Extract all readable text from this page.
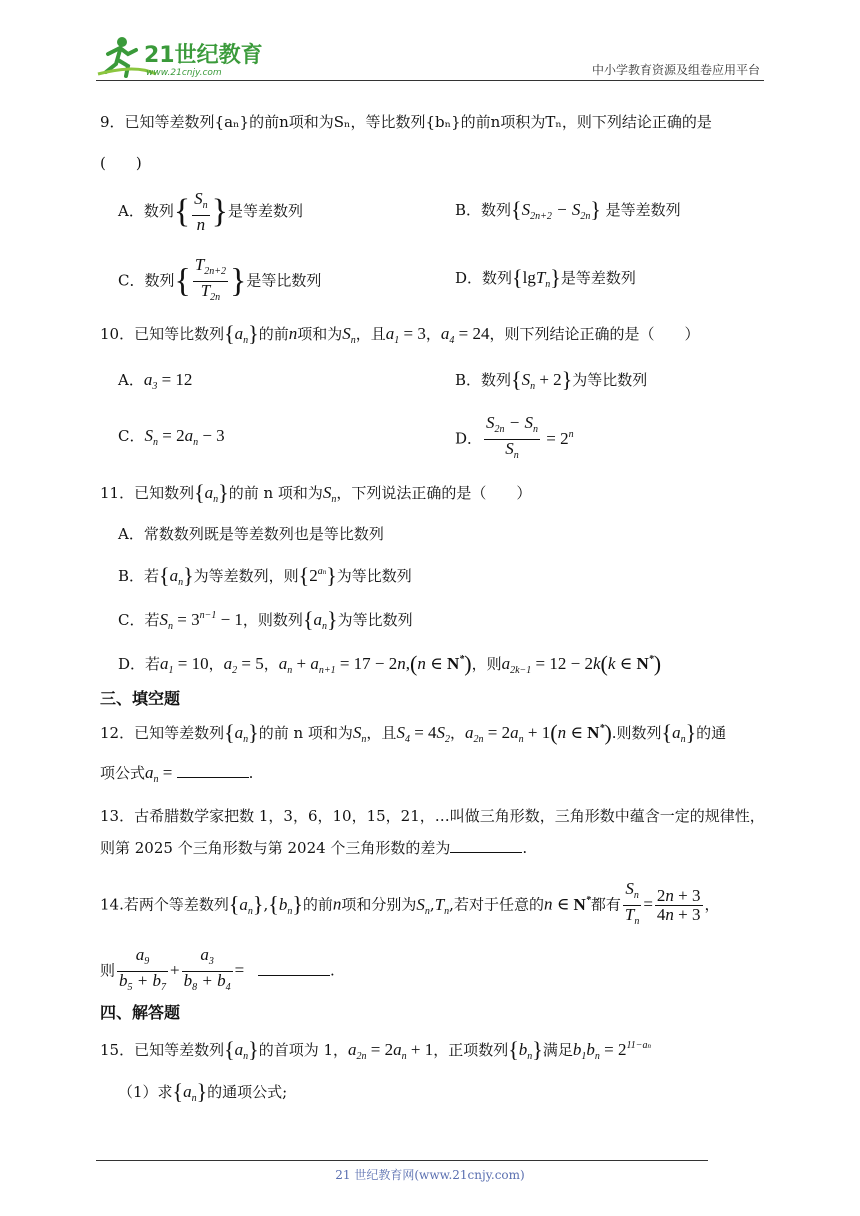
21世纪教育
www.21cnjy.com	中小学教育资源及组卷应用平台
9．已知等差数列{aₙ}的前n项和为Sₙ，等比数列{bₙ}的前n项积为Tₙ，则下列结论正确的是
(　　)
A．数列{ $\frac{S_n}{n}$ }是等差数列	B．数列$\{S_{2n+2} - S_{2n}\}$ 是等差数列
C．数列{ $\frac{T_{2n+2}}{T_{2n}}$ }是等比数列	D．数列{lgT$_n$}是等差数列
10．已知等比数列$\{a_n\}$的前n项和为$S_n$，且$a_1 = 3$，$a_4 = 24$，则下列结论正确的是（　　）
A．$a_3 = 12$	B．数列$\{S_n + 2\}$为等比数列
C．$S_n = 2a_n - 3$	D． $\frac{S_{2n} - S_n}{S_n} = 2^n$
11．已知数列$\{a_n\}$的前 n 项和为$S_n$，下列说法正确的是（　　）
A．常数数列既是等差数列也是等比数列
B．若$\{a_n\}$为等差数列，则$\{2^{an}\}$为等比数列
C．若$S_n = 3^{n-1} - 1$，则数列$\{a_n\}$为等比数列
D．若$a_1 = 10$，$a_2 = 5$，$a_n + a_{n+1} = 17 - 2n,(n$ ∈ N*)，则$a_{2k-1} = 12 - 2k(k$ ∈ N*)
三、填空题
12．已知等差数列$\{a_n\}$的前 n 项和为$S_n$，且$S_4 = 4S_2$，$a_{2n} = 2a_n + 1(n$ ∈ N*).则数列$\{a_n\}$的通
项公式$a_n$ =	.
13．古希腊数学家把数 1，3，6，10，15，21，…叫做三角形数，三角形数中蕴含一定的规律性，
则第 2025 个三角形数与第 2024 个三角形数的差为	.
14.若两个等差数列$\{a_n\},\{b_n\}$的前n项和分别为$S_n,T_n$,若对于任意的n ∈ N*都有 $\frac{S_n}{T_n} = \frac{2n + 3}{4n + 3}$ ，
则 $\frac{a_9}{b_5 + b_7} + \frac{a_3}{b_8 + b_4}$ =	.
四、解答题
15．已知等差数列$\{a_n\}$的首项为 1，$a_{2n} = 2a_n + 1$，正项数列$\{b_n\}$满足$b_1b_n = 2^{11-an}$
（1）求$\{a_n\}$的通项公式;
21 世纪教育网(www.21cnjy.com)
